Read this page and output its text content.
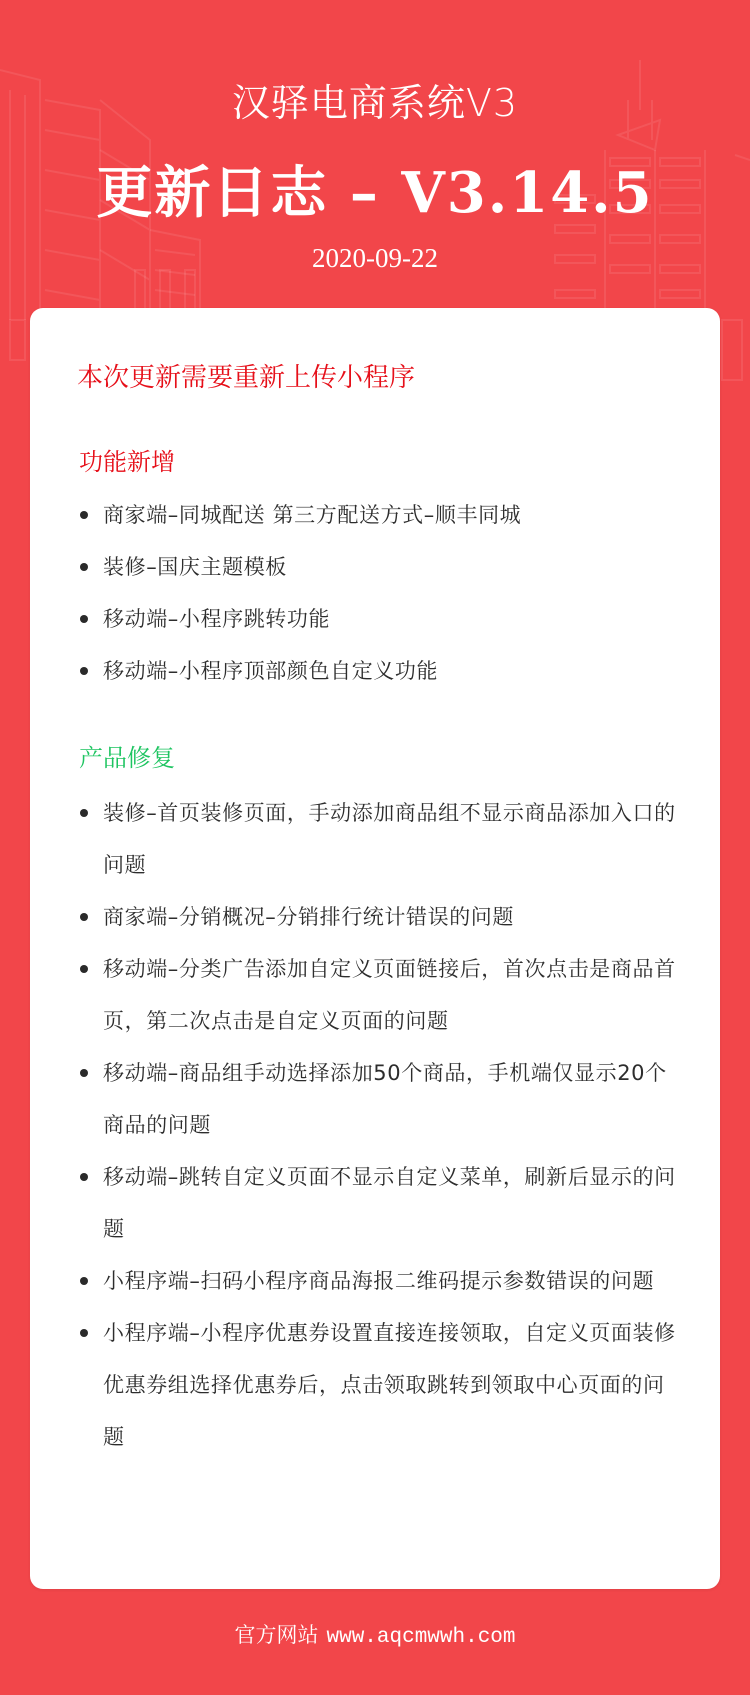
汉驿电商系统V3
更新日志 – V3.14.5
2020-09-22
本次更新需要重新上传小程序
功能新增
商家端–同城配送 第三方配送方式–顺丰同城
装修–国庆主题模板
移动端–小程序跳转功能
移动端–小程序顶部颜色自定义功能
产品修复
装修–首页装修页面，手动添加商品组不显示商品添加入口的问题
商家端–分销概况–分销排行统计错误的问题
移动端–分类广告添加自定义页面链接后，首次点击是商品首页，第二次点击是自定义页面的问题
移动端–商品组手动选择添加50个商品，手机端仅显示20个商品的问题
移动端–跳转自定义页面不显示自定义菜单，刷新后显示的问题
小程序端–扫码小程序商品海报二维码提示参数错误的问题
小程序端–小程序优惠券设置直接连接领取，自定义页面装修优惠券组选择优惠券后，点击领取跳转到领取中心页面的问题
官方网站 www.aqcmwwh.com
